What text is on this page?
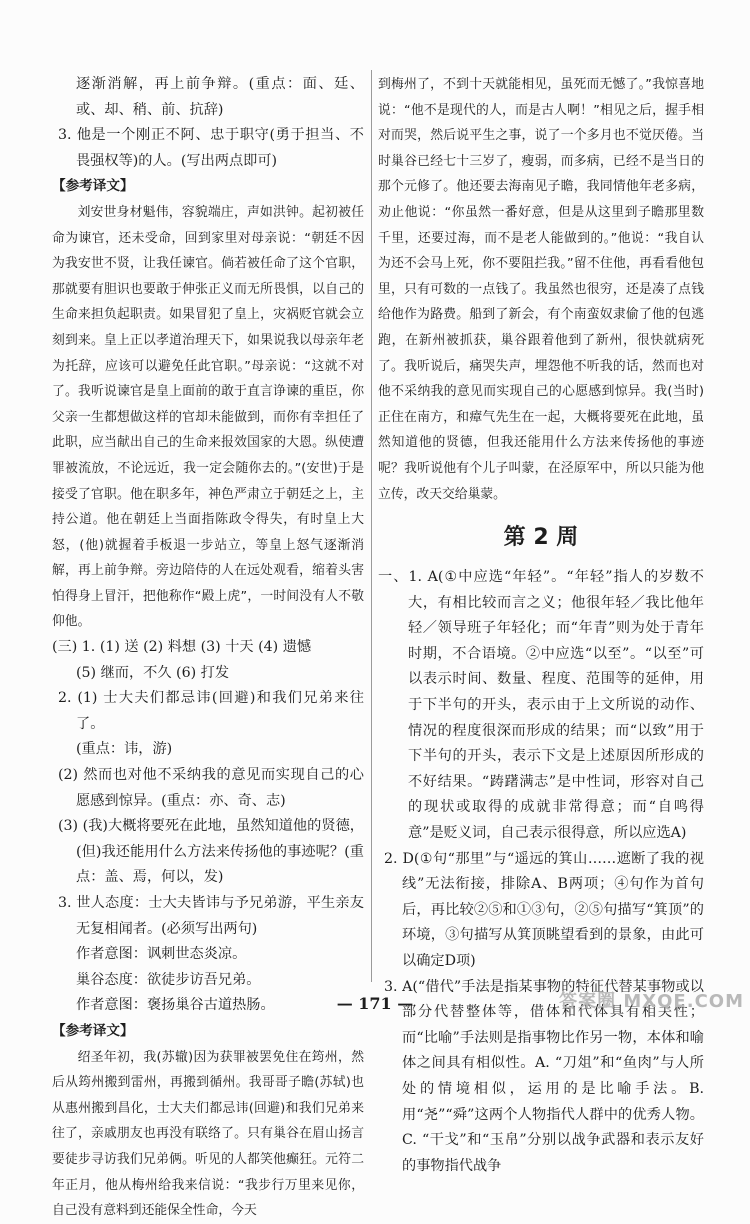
逐渐消解，再上前争辩。(重点：面、廷、或、却、稍、前、抗辞)

3. 他是一个刚正不阿、忠于职守(勇于担当、不畏强权等)的人。(写出两点即可)

【参考译文】

刘安世身材魁伟，容貌端庄，声如洪钟。起初被任命为谏官，还未受命，回到家里对母亲说：“朝廷不因为我安世不贤，让我任谏官。倘若被任命了这个官职，那就要有胆识也要敢于伸张正义而无所畏惧，以自己的生命来担负起职责。如果冒犯了皇上，灾祸贬官就会立刻到来。皇上正以孝道治理天下，如果说我以母亲年老为托辞，应该可以避免任此官职。”母亲说：“这就不对了。我听说谏官是皇上面前的敢于直言诤谏的重臣，你父亲一生都想做这样的官却未能做到，而你有幸担任了此职，应当献出自己的生命来报效国家的大恩。纵使遭罪被流放，不论远近，我一定会随你去的。”(安世)于是接受了官职。他在职多年，神色严肃立于朝廷之上，主持公道。他在朝廷上当面指陈政令得失，有时皇上大怒，(他)就握着手板退一步站立，等皇上怒气逐渐消解，再上前争辩。旁边陪侍的人在远处观看，缩着头害怕得身上冒汗，把他称作“殿上虎”，一时间没有人不敬仰他。

(三) 1. (1) 送 (2) 料想 (3) 十天 (4) 遗憾

(5) 继而，不久 (6) 打发

2. (1) 士大夫们都忌讳(回避)和我们兄弟来往了。

(重点：讳，游)

(2) 然而也对他不采纳我的意见而实现自己的心愿感到惊异。(重点：亦、奇、志)

(3) (我)大概将要死在此地，虽然知道他的贤德，(但)我还能用什么方法来传扬他的事迹呢？(重点：盖、焉，何以，发)

3. 世人态度：士大夫皆讳与予兄弟游，平生亲友无复相闻者。(必须写出两句)

作者意图：讽刺世态炎凉。

巢谷态度：欲徒步访吾兄弟。

作者意图：褒扬巢谷古道热肠。

【参考译文】

绍圣年初，我(苏辙)因为获罪被罢免住在筠州，然后从筠州搬到雷州，再搬到循州。我哥哥子瞻(苏轼)也从惠州搬到昌化，士大夫们都忌讳(回避)和我们兄弟来往了，亲戚朋友也再没有联络了。只有巢谷在眉山扬言要徒步寻访我们兄弟俩。听见的人都笑他癫狂。元符二年正月，他从梅州给我来信说：“我步行万里来见你，自己没有意料到还能保全性命，今天

到梅州了，不到十天就能相见，虽死而无憾了。”我惊喜地说：“他不是现代的人，而是古人啊！”相见之后，握手相对而哭，然后说平生之事，说了一个多月也不觉厌倦。当时巢谷已经七十三岁了，瘦弱，而多病，已经不是当日的那个元修了。他还要去海南见子瞻，我同情他年老多病，劝止他说：“你虽然一番好意，但是从这里到子瞻那里数千里，还要过海，而不是老人能做到的。”他说：“我自认为还不会马上死，你不要阻拦我。”留不住他，再看看他包里，只有可数的一点钱了。我虽然也很穷，还是凑了点钱给他作为路费。船到了新会，有个南蛮奴隶偷了他的包逃跑，在新州被抓获，巢谷跟着他到了新州，很快就病死了。我听说后，痛哭失声，埋怨他不听我的话，然而也对他不采纳我的意见而实现自己的心愿感到惊异。我(当时)正住在南方，和瘴气先生在一起，大概将要死在此地，虽然知道他的贤德，但我还能用什么方法来传扬他的事迹呢？我听说他有个儿子叫蒙，在泾原军中，所以只能为他立传，改天交给巢蒙。

第 2 周

一、1. A(①中应选“年轻”。“年轻”指人的岁数不大，有相比较而言之义；他很年轻／我比他年轻／领导班子年轻化；而“年青”则为处于青年时期，不合语境。②中应选“以至”。“以至”可以表示时间、数量、程度、范围等的延伸，用于下半句的开头，表示由于上文所说的动作、情况的程度很深而形成的结果；而“以致”用于下半句的开头，表示下文是上述原因所形成的不好结果。“踌躇满志”是中性词，形容对自己的现状或取得的成就非常得意；而“自鸣得意”是贬义词，自己表示很得意，所以应选A)

2. D(①句“那里”与“遥远的箕山……遮断了我的视线”无法衔接，排除A、B两项；④句作为首句后，再比较②⑤和①③句，②⑤句描写“箕顶”的环境，③句描写从箕顶眺望看到的景象，由此可以确定D项)

3. A(“借代”手法是指某事物的特征代替某事物或以部分代替整体等，借体和代体具有相关性；而“比喻”手法则是指事物比作另一物，本体和喻体之间具有相似性。A. “刀俎”和“鱼肉”与人所处的情境相似，运用的是比喻手法。B. 用“尧”“舜”这两个人物指代人群中的优秀人物。C. “干戈”和“玉帛”分别以战争武器和表示友好的事物指代战争

— 171 —	答案圈 MXQE.COM
